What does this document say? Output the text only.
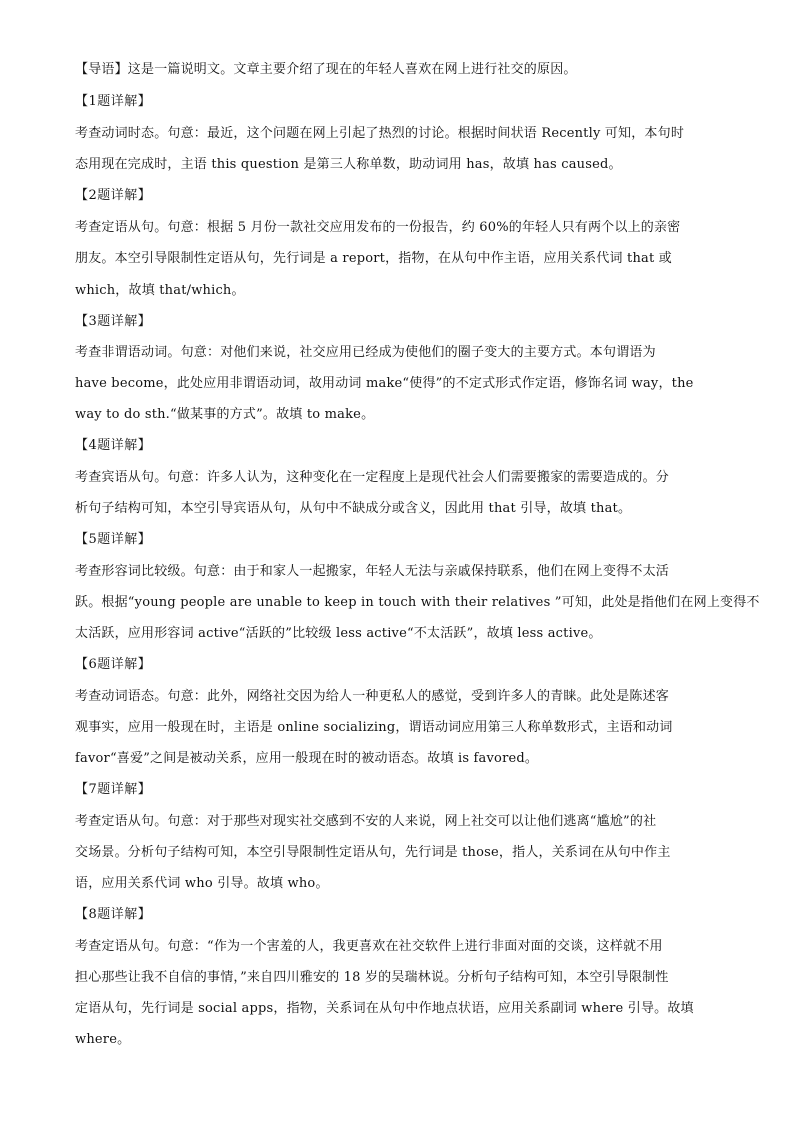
【导语】这是一篇说明文。文章主要介绍了现在的年轻人喜欢在网上进行社交的原因。
【1题详解】
考查动词时态。句意：最近，这个问题在网上引起了热烈的讨论。根据时间状语 Recently 可知，本句时
态用现在完成时，主语 this question 是第三人称单数，助动词用 has，故填 has caused。
【2题详解】
考查定语从句。句意：根据 5 月份一款社交应用发布的一份报告，约 60%的年轻人只有两个以上的亲密
朋友。本空引导限制性定语从句，先行词是 a report，指物，在从句中作主语，应用关系代词 that 或
which，故填 that/which。
【3题详解】
考查非谓语动词。句意：对他们来说，社交应用已经成为使他们的圈子变大的主要方式。本句谓语为
have become，此处应用非谓语动词，故用动词 make“使得”的不定式形式作定语，修饰名词 way，the
way to do sth.“做某事的方式”。故填 to make。
【4题详解】
考查宾语从句。句意：许多人认为，这种变化在一定程度上是现代社会人们需要搬家的需要造成的。分
析句子结构可知，本空引导宾语从句，从句中不缺成分或含义，因此用 that 引导，故填 that。
【5题详解】
考查形容词比较级。句意：由于和家人一起搬家，年轻人无法与亲戚保持联系，他们在网上变得不太活
跃。根据“young people are unable to keep in touch with their relatives ”可知，此处是指他们在网上变得不
太活跃，应用形容词 active“活跃的”比较级 less active“不太活跃”，故填 less active。
【6题详解】
考查动词语态。句意：此外，网络社交因为给人一种更私人的感觉，受到许多人的青睐。此处是陈述客
观事实，应用一般现在时，主语是 online socializing，谓语动词应用第三人称单数形式，主语和动词
favor“喜爱”之间是被动关系，应用一般现在时的被动语态。故填 is favored。
【7题详解】
考查定语从句。句意：对于那些对现实社交感到不安的人来说，网上社交可以让他们逃离“尴尬”的社
交场景。分析句子结构可知，本空引导限制性定语从句，先行词是 those，指人，关系词在从句中作主
语，应用关系代词 who 引导。故填 who。
【8题详解】
考查定语从句。句意：“作为一个害羞的人，我更喜欢在社交软件上进行非面对面的交谈，这样就不用
担心那些让我不自信的事情，”来自四川雅安的 18 岁的吴瑞林说。分析句子结构可知，本空引导限制性
定语从句，先行词是 social apps，指物，关系词在从句中作地点状语，应用关系副词 where 引导。故填
where。
